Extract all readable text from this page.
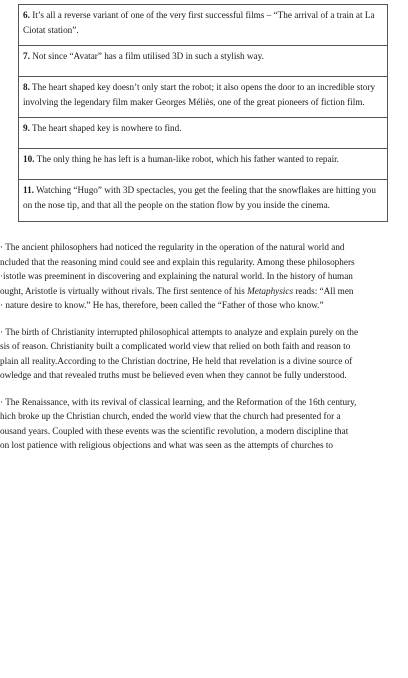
6. It’s all a reverse variant of one of the very first successful films – “The arrival of a train at La Ciotat station”.
7. Not since “Avatar” has a film utilised 3D in such a stylish way.
8. The heart shaped key doesn’t only start the robot; it also opens the door to an incredible story involving the legendary film maker Georges Méliès, one of the great pioneers of fiction film.
9. The heart shaped key is nowhere to find.
10. The only thing he has left is a human-like robot, which his father wanted to repair.
11. Watching “Hugo” with 3D spectacles, you get the feeling that the snowflakes are hitting you on the nose tip, and that all the people on the station flow by you inside the cinema.

· The ancient philosophers had noticed the regularity in the operation of the natural world and
ncluded that the reasoning mind could see and explain this regularity. Among these philosophers
·istotle was preeminent in discovering and explaining the natural world. In the history of human
ought, Aristotle is virtually without rivals. The first sentence of his Metaphysics reads: “All men
· nature desire to know.” He has, therefore, been called the “Father of those who know.”

· The birth of Christianity interrupted philosophical attempts to analyze and explain purely on the
sis of reason. Christianity built a complicated world view that relied on both faith and reason to
plain all reality.According to the Christian doctrine, He held that revelation is a divine source of
owledge and that revealed truths must be believed even when they cannot be fully understood.

· The Renaissance, with its revival of classical learning, and the Reformation of the 16th century,
hich broke up the Christian church, ended the world view that the church had presented for a
ousand years. Coupled with these events was the scientific revolution, a modern discipline that
on lost patience with religious objections and what was seen as the attempts of churches to
